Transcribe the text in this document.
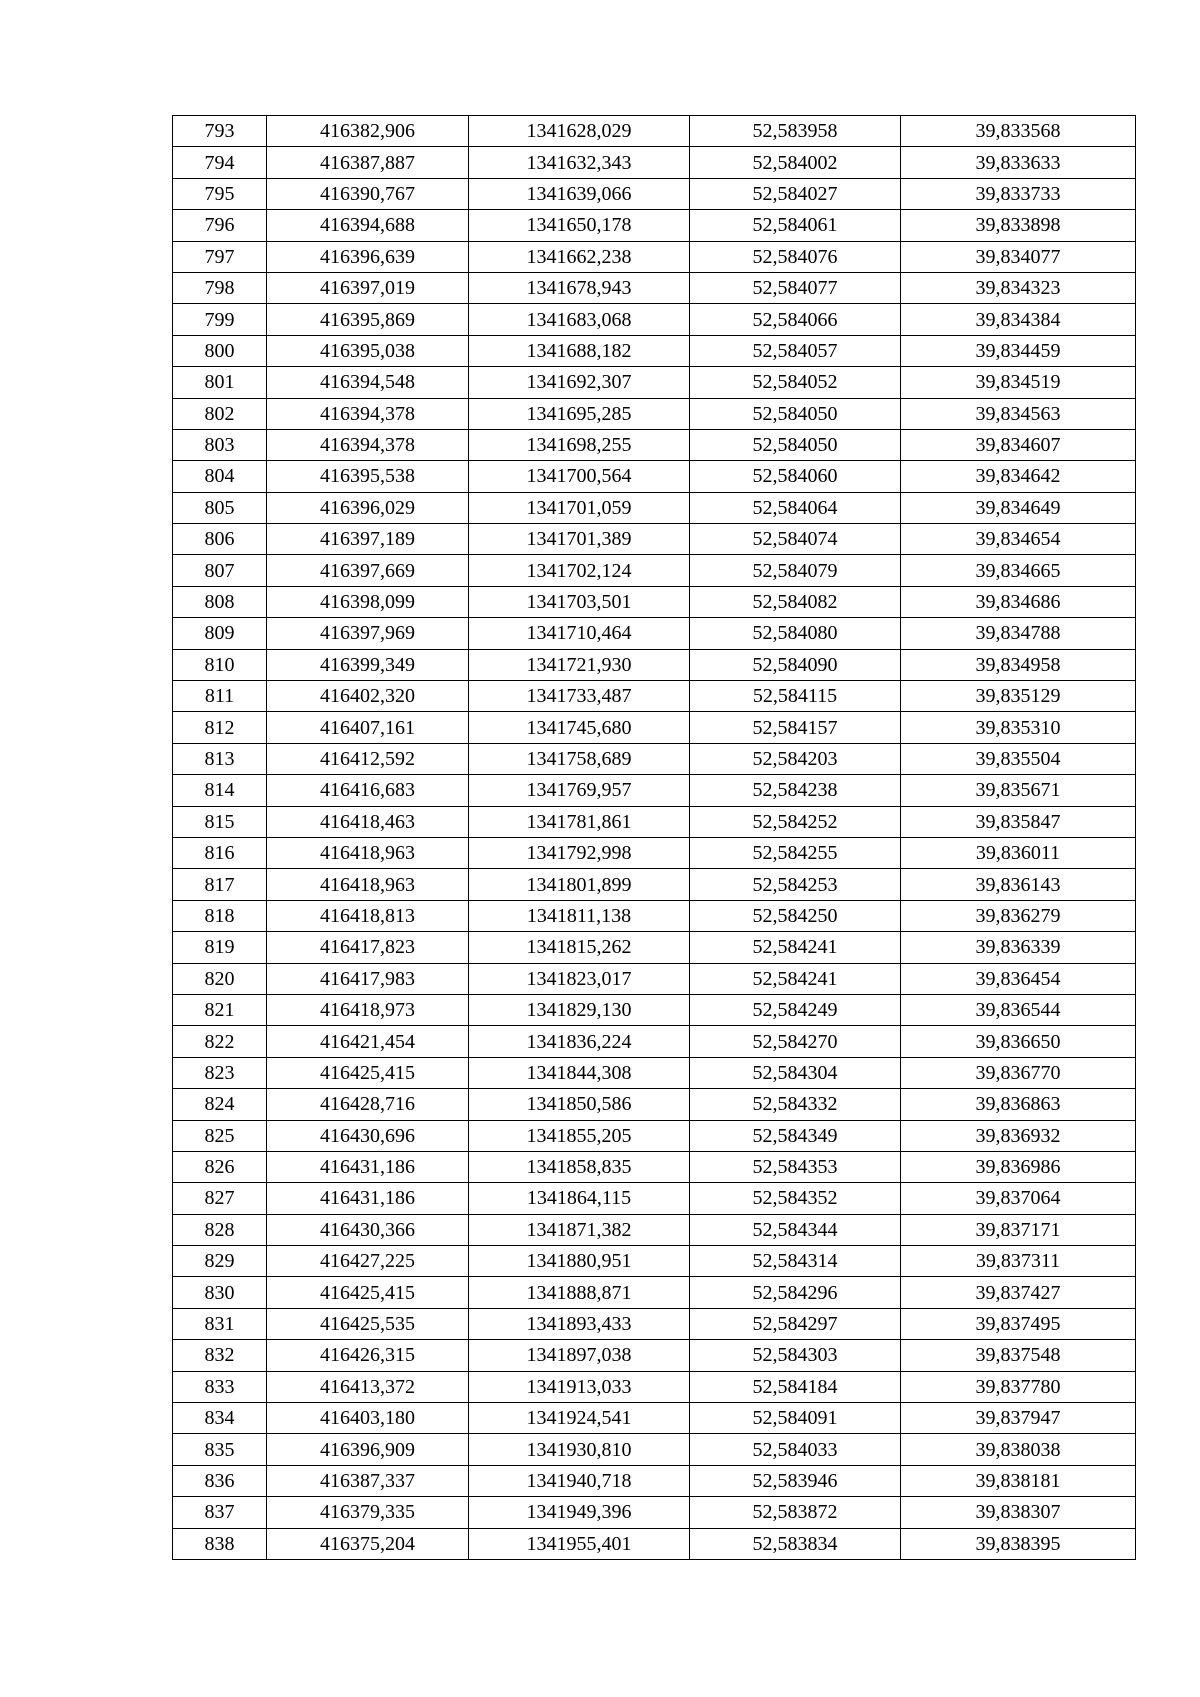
793	416382,906	1341628,029	52,583958	39,833568
794	416387,887	1341632,343	52,584002	39,833633
795	416390,767	1341639,066	52,584027	39,833733
796	416394,688	1341650,178	52,584061	39,833898
797	416396,639	1341662,238	52,584076	39,834077
798	416397,019	1341678,943	52,584077	39,834323
799	416395,869	1341683,068	52,584066	39,834384
800	416395,038	1341688,182	52,584057	39,834459
801	416394,548	1341692,307	52,584052	39,834519
802	416394,378	1341695,285	52,584050	39,834563
803	416394,378	1341698,255	52,584050	39,834607
804	416395,538	1341700,564	52,584060	39,834642
805	416396,029	1341701,059	52,584064	39,834649
806	416397,189	1341701,389	52,584074	39,834654
807	416397,669	1341702,124	52,584079	39,834665
808	416398,099	1341703,501	52,584082	39,834686
809	416397,969	1341710,464	52,584080	39,834788
810	416399,349	1341721,930	52,584090	39,834958
811	416402,320	1341733,487	52,584115	39,835129
812	416407,161	1341745,680	52,584157	39,835310
813	416412,592	1341758,689	52,584203	39,835504
814	416416,683	1341769,957	52,584238	39,835671
815	416418,463	1341781,861	52,584252	39,835847
816	416418,963	1341792,998	52,584255	39,836011
817	416418,963	1341801,899	52,584253	39,836143
818	416418,813	1341811,138	52,584250	39,836279
819	416417,823	1341815,262	52,584241	39,836339
820	416417,983	1341823,017	52,584241	39,836454
821	416418,973	1341829,130	52,584249	39,836544
822	416421,454	1341836,224	52,584270	39,836650
823	416425,415	1341844,308	52,584304	39,836770
824	416428,716	1341850,586	52,584332	39,836863
825	416430,696	1341855,205	52,584349	39,836932
826	416431,186	1341858,835	52,584353	39,836986
827	416431,186	1341864,115	52,584352	39,837064
828	416430,366	1341871,382	52,584344	39,837171
829	416427,225	1341880,951	52,584314	39,837311
830	416425,415	1341888,871	52,584296	39,837427
831	416425,535	1341893,433	52,584297	39,837495
832	416426,315	1341897,038	52,584303	39,837548
833	416413,372	1341913,033	52,584184	39,837780
834	416403,180	1341924,541	52,584091	39,837947
835	416396,909	1341930,810	52,584033	39,838038
836	416387,337	1341940,718	52,583946	39,838181
837	416379,335	1341949,396	52,583872	39,838307
838	416375,204	1341955,401	52,583834	39,838395
